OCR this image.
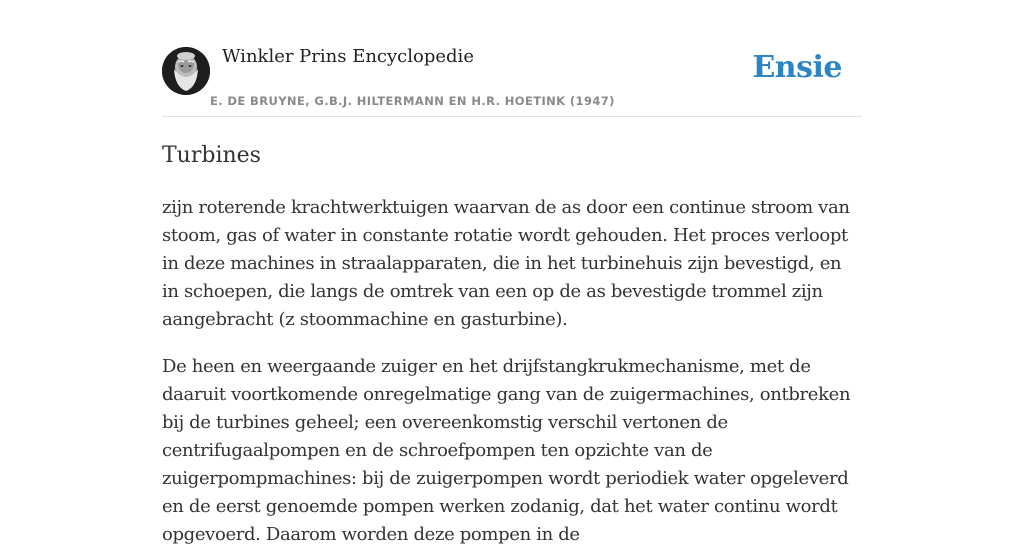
Winkler Prins Encyclopedie
E. DE BRUYNE, G.B.J. HILTERMANN EN H.R. HOETINK (1947)
Ensie
Turbines

zijn roterende krachtwerktuigen waarvan de as door een continue stroom van stoom, gas of water in constante rotatie wordt gehouden. Het proces verloopt in deze machines in straalapparaten, die in het turbinehuis zijn bevestigd, en in schoepen, die langs de omtrek van een op de as bevestigde trommel zijn aangebracht (z stoommachine en gasturbine).

De heen en weergaande zuiger en het drijfstangkrukmechanisme, met de daaruit voortkomende onregelmatige gang van de zuigermachines, ontbreken bij de turbines geheel; een overeenkomstig verschil vertonen de centrifugaalpompen en de schroefpompen ten opzichte van de zuigerpompmachines: bij de zuigerpompen wordt periodiek water opgeleverd en de eerst genoemde pompen werken zodanig, dat het water continu wordt opgevoerd. Daarom worden deze pompen in de
